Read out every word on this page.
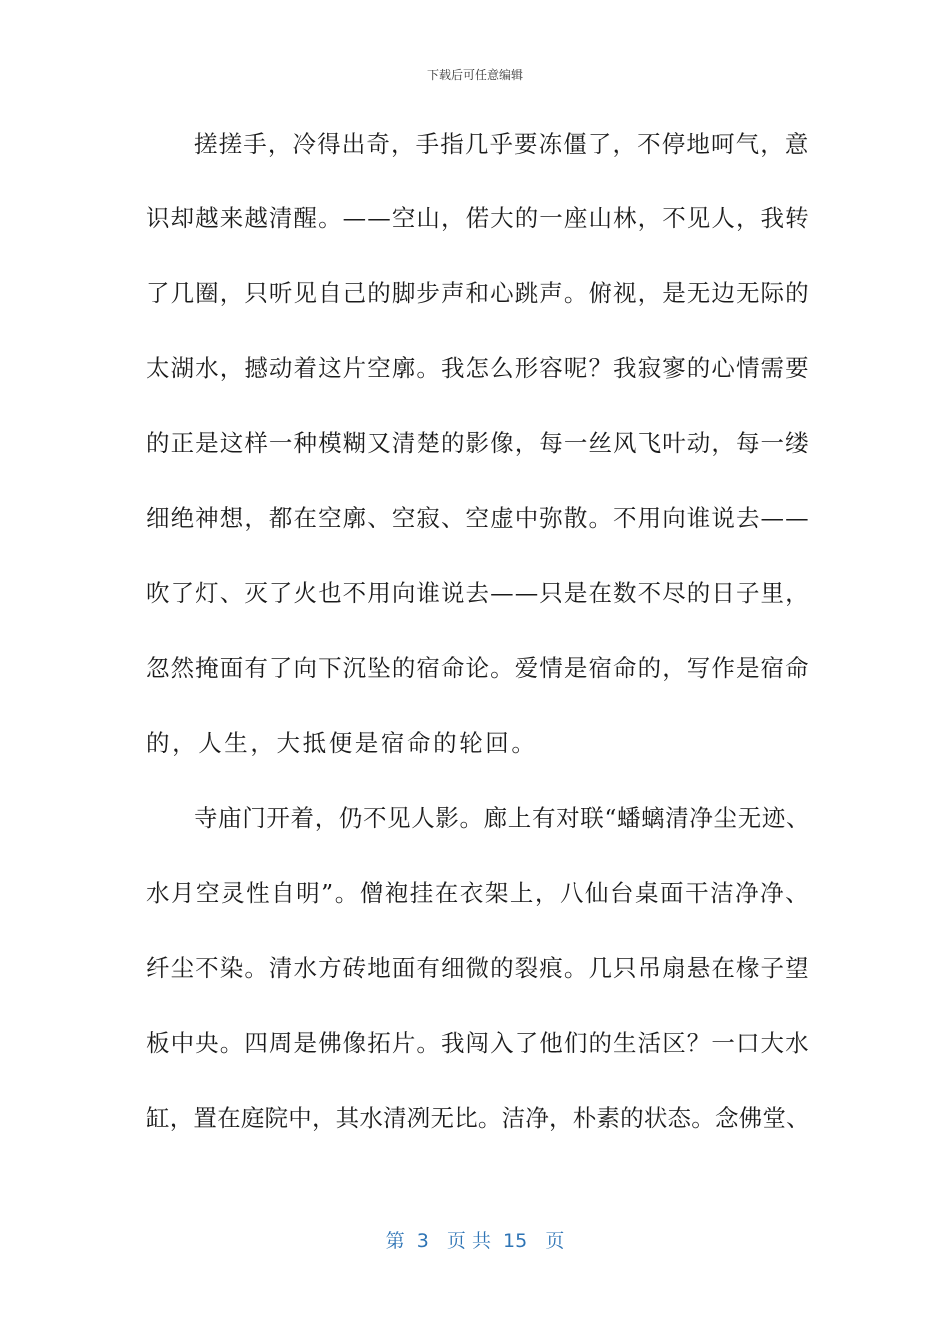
下载后可任意编辑
搓搓手，冷得出奇，手指几乎要冻僵了，不停地呵气，意
识却越来越清醒。——空山，偌大的一座山林，不见人，我转
了几圈，只听见自己的脚步声和心跳声。俯视，是无边无际的
太湖水，撼动着这片空廓。我怎么形容呢？我寂寥的心情需要
的正是这样一种模糊又清楚的影像，每一丝风飞叶动，每一缕
细绝神想，都在空廓、空寂、空虚中弥散。不用向谁说去——
吹了灯、灭了火也不用向谁说去——只是在数不尽的日子里，
忽然掩面有了向下沉坠的宿命论。爱情是宿命的，写作是宿命
的，人生，大抵便是宿命的轮回。
寺庙门开着，仍不见人影。廊上有对联“蟠螭清净尘无迹、
水月空灵性自明”。僧袍挂在衣架上，八仙台桌面干洁净净、
纤尘不染。清水方砖地面有细微的裂痕。几只吊扇悬在椽子望
板中央。四周是佛像拓片。我闯入了他们的生活区？一口大水
缸，置在庭院中，其水清冽无比。洁净，朴素的状态。念佛堂、
第  3   页 共  15   页
